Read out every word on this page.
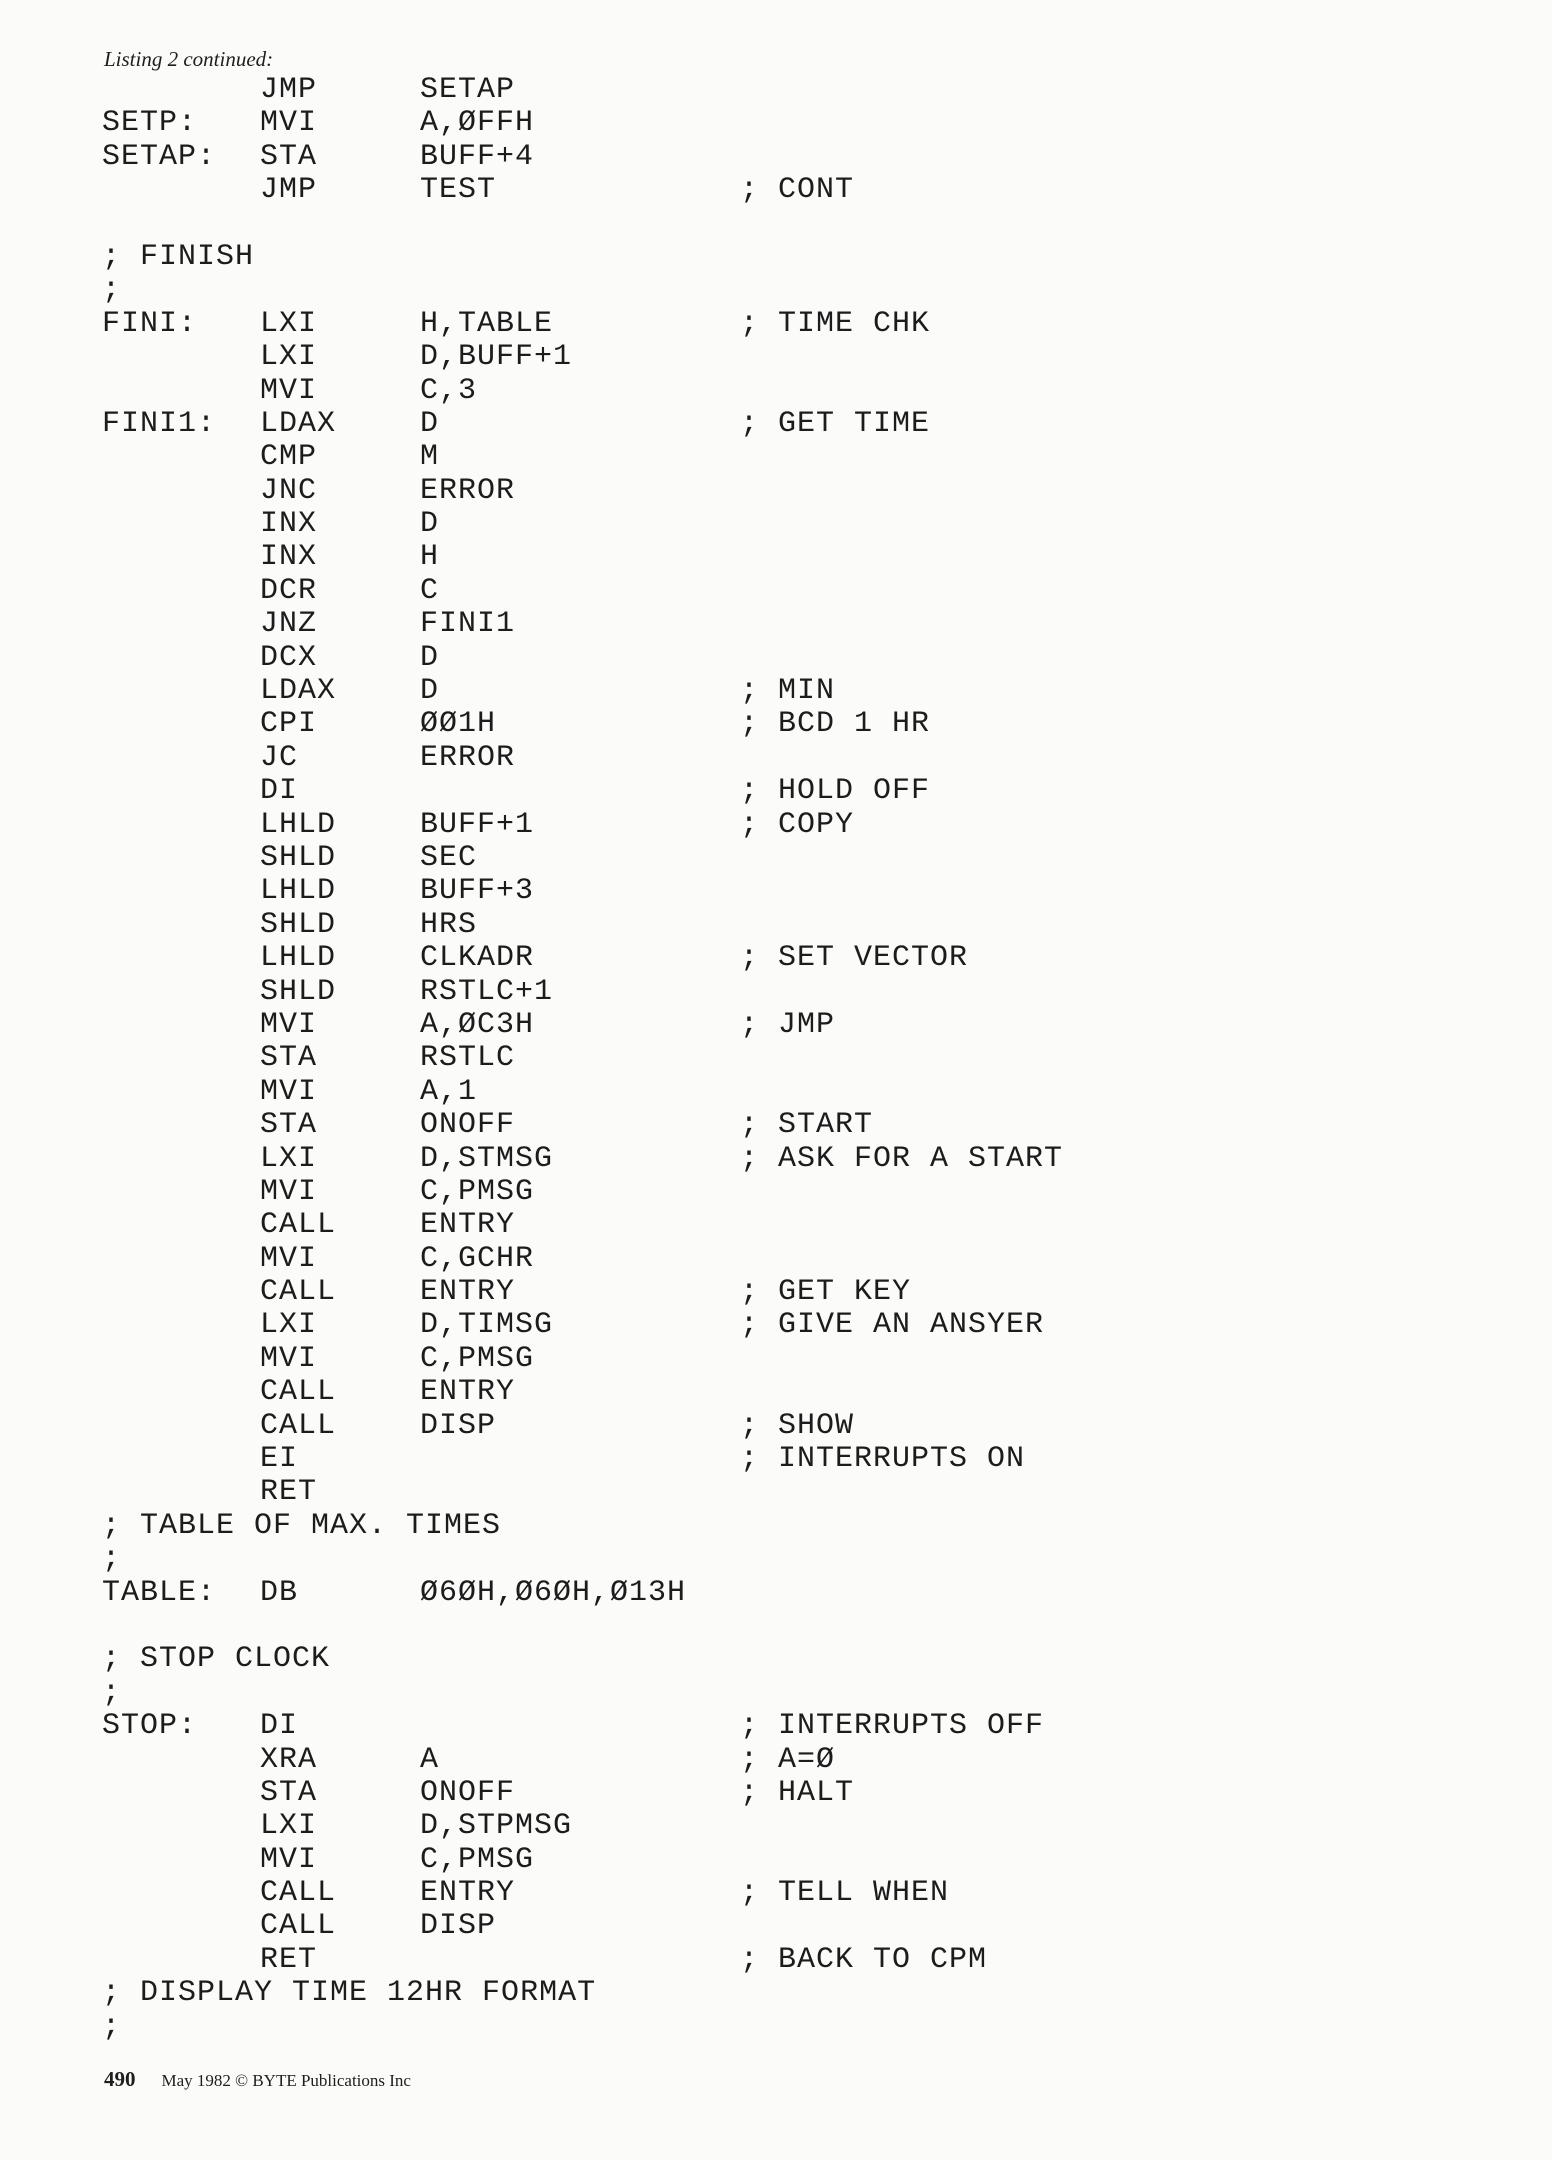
Listing 2 continued:
JMP	SETAP
SETP: MVI	A,ØFFH
SETAP: STA	BUFF+4
JMP	TEST	; CONT
; FINISH
;
FINI: LXI	H,TABLE	; TIME CHK
LXI	D,BUFF+1
MVI	C,3
FINI1: LDAX	D	; GET TIME
CMP	M
JNC	ERROR
INX	D
INX	H
DCR	C
JNZ	FINI1
DCX	D
LDAX	D	; MIN
CPI	ØØ1H	; BCD 1 HR
JC	ERROR
DI	; HOLD OFF
LHLD	BUFF+1	; COPY
SHLD	SEC
LHLD	BUFF+3
SHLD	HRS
LHLD	CLKADR	; SET VECTOR
SHLD	RSTLC+1
MVI	A,ØC3H	; JMP
STA	RSTLC
MVI	A,1
STA	ONOFF	; START
LXI	D,STMSG	; ASK FOR A START
MVI	C,PMSG
CALL	ENTRY
MVI	C,GCHR
CALL	ENTRY	; GET KEY
LXI	D,TIMSG	; GIVE AN ANSYER
MVI	C,PMSG
CALL	ENTRY
CALL	DISP	; SHOW
EI	; INTERRUPTS ON
RET
; TABLE OF MAX. TIMES
;
TABLE: DB	Ø6ØH,Ø6ØH,Ø13H
; STOP CLOCK
;
STOP: DI	; INTERRUPTS OFF
XRA	A	; A=Ø
STA	ONOFF	; HALT
LXI	D,STPMSG
MVI	C,PMSG
CALL	ENTRY	; TELL WHEN
CALL	DISP
RET	; BACK TO CPM
; DISPLAY TIME 12HR FORMAT
;
490 May 1982 © BYTE Publications Inc
